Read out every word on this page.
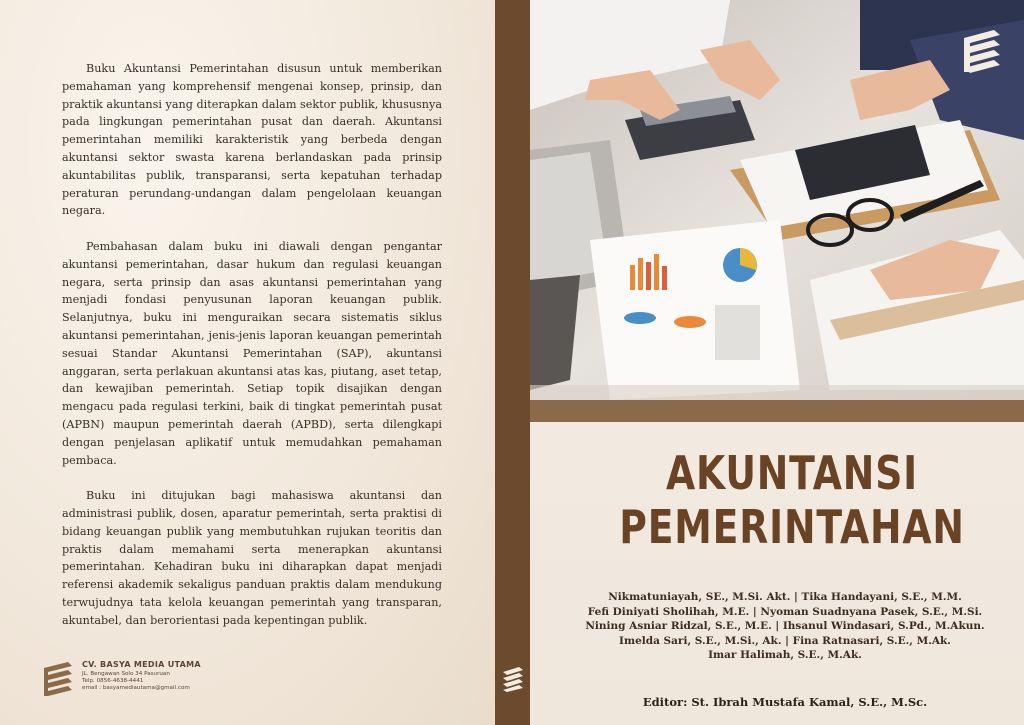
Buku Akuntansi Pemerintahan disusun untuk memberikan pemahaman yang komprehensif mengenai konsep, prinsip, dan praktik akuntansi yang diterapkan dalam sektor publik, khususnya pada lingkungan pemerintahan pusat dan daerah. Akuntansi pemerintahan memiliki karakteristik yang berbeda dengan akuntansi sektor swasta karena berlandaskan pada prinsip akuntabilitas publik, transparansi, serta kepatuhan terhadap peraturan perundang-undangan dalam pengelolaan keuangan negara.

Pembahasan dalam buku ini diawali dengan pengantar akuntansi pemerintahan, dasar hukum dan regulasi keuangan negara, serta prinsip dan asas akuntansi pemerintahan yang menjadi fondasi penyusunan laporan keuangan publik. Selanjutnya, buku ini menguraikan secara sistematis siklus akuntansi pemerintahan, jenis-jenis laporan keuangan pemerintah sesuai Standar Akuntansi Pemerintahan (SAP), akuntansi anggaran, serta perlakuan akuntansi atas kas, piutang, aset tetap, dan kewajiban pemerintah. Setiap topik disajikan dengan mengacu pada regulasi terkini, baik di tingkat pemerintah pusat (APBN) maupun pemerintah daerah (APBD), serta dilengkapi dengan penjelasan aplikatif untuk memudahkan pemahaman pembaca.

Buku ini ditujukan bagi mahasiswa akuntansi dan administrasi publik, dosen, aparatur pemerintah, serta praktisi di bidang keuangan publik yang membutuhkan rujukan teoritis dan praktis dalam memahami serta menerapkan akuntansi pemerintahan. Kehadiran buku ini diharapkan dapat menjadi referensi akademik sekaligus panduan praktis dalam mendukung terwujudnya tata kelola keuangan pemerintah yang transparan, akuntabel, dan berorientasi pada kepentingan publik.

CV. BASYA MEDIA UTAMA
JL. Bengawan Solo 34 Pasuruan
Telp. 0856-4638-4441
email : basyamediautama@gmail.com
AKUNTANSI
PEMERINTAHAN
Nikmatuniayah, SE., M.Si. Akt. | Tika Handayani, S.E., M.M.
Fefi Diniyati Sholihah, M.E. | Nyoman Suadnyana Pasek, S.E., M.Si.
Nining Asniar Ridzal, S.E., M.E. | Ihsanul Windasari, S.Pd., M.Akun.
Imelda Sari, S.E., M.Si., Ak. | Fina Ratnasari, S.E., M.Ak.
Imar Halimah, S.E., M.Ak.
Editor: St. Ibrah Mustafa Kamal, S.E., M.Sc.
